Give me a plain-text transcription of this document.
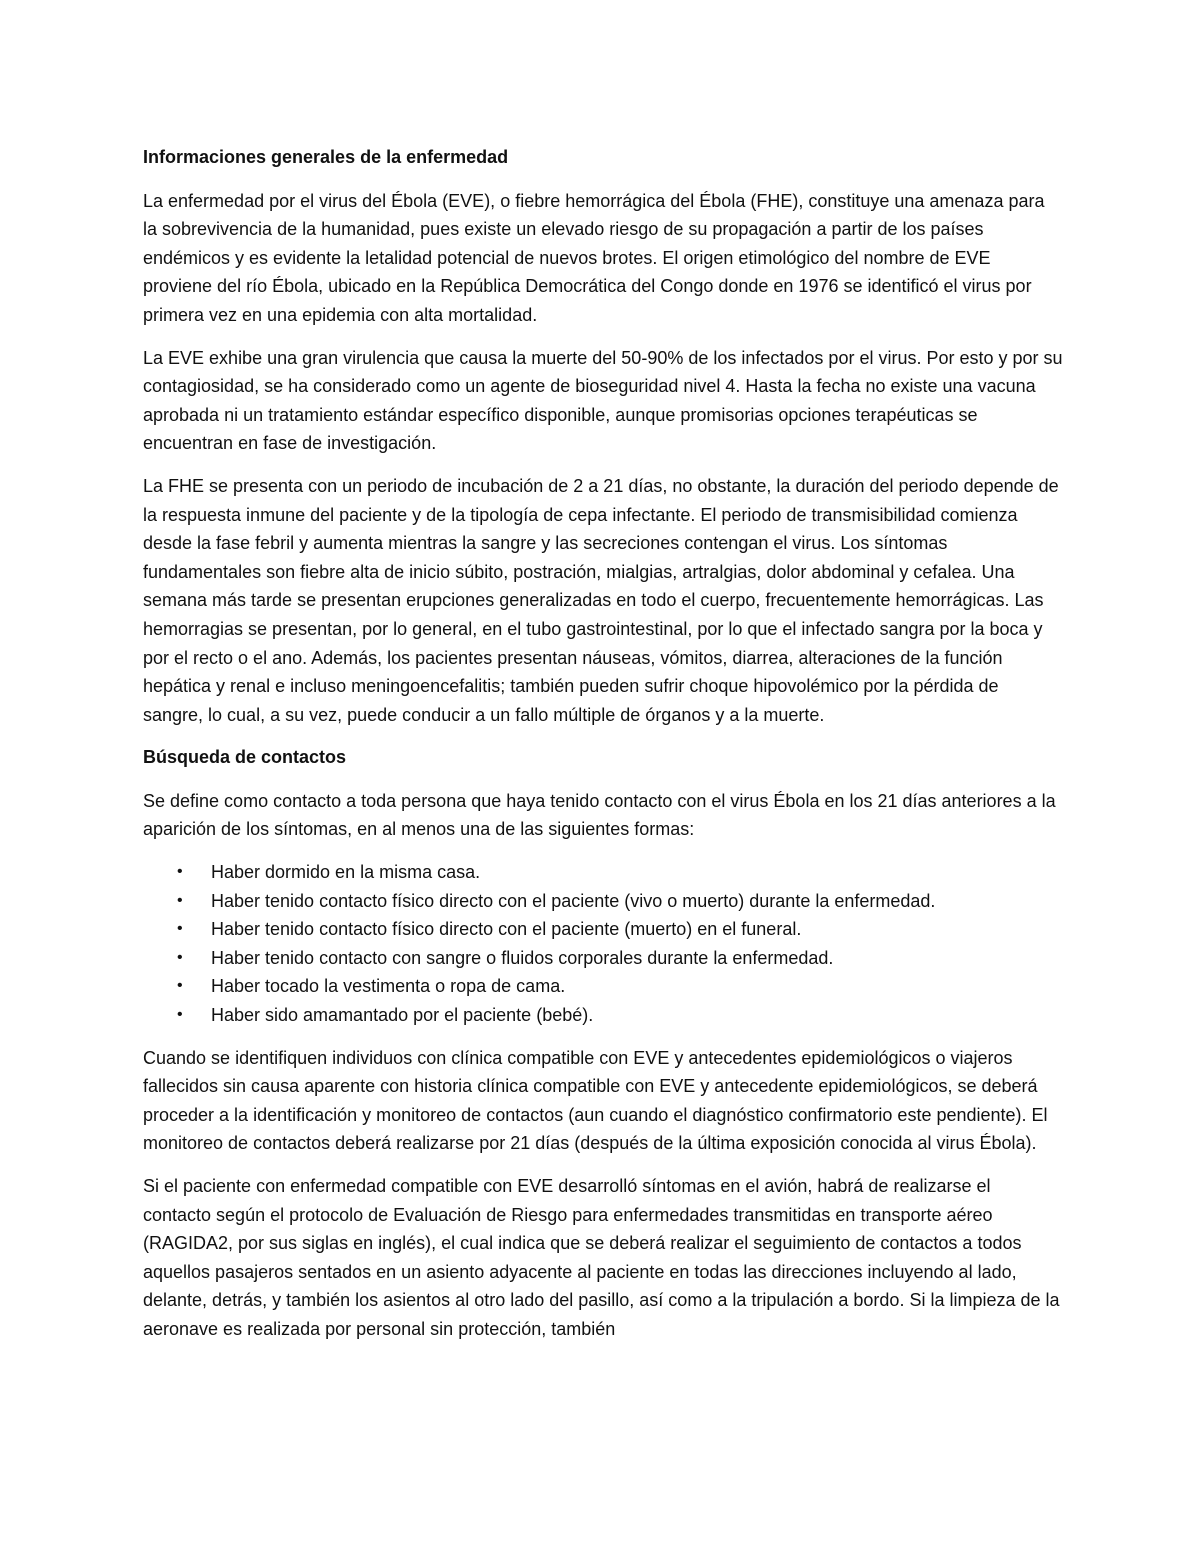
Informaciones generales de la enfermedad

La enfermedad por el virus del Ébola (EVE), o fiebre hemorrágica del Ébola (FHE), constituye una amenaza para la sobrevivencia de la humanidad, pues existe un elevado riesgo de su propagación a partir de los países endémicos y es evidente la letalidad potencial de nuevos brotes. El origen etimológico del nombre de EVE proviene del río Ébola, ubicado en la República Democrática del Congo donde en 1976 se identificó el virus por primera vez en una epidemia con alta mortalidad.

La EVE exhibe una gran virulencia que causa la muerte del 50-90% de los infectados por el virus. Por esto y por su contagiosidad, se ha considerado como un agente de bioseguridad nivel 4. Hasta la fecha no existe una vacuna aprobada ni un tratamiento estándar específico disponible, aunque promisorias opciones terapéuticas se encuentran en fase de investigación.

La FHE se presenta con un periodo de incubación de 2 a 21 días, no obstante, la duración del periodo depende de la respuesta inmune del paciente y de la tipología de cepa infectante. El periodo de transmisibilidad comienza desde la fase febril y aumenta mientras la sangre y las secreciones contengan el virus. Los síntomas fundamentales son fiebre alta de inicio súbito, postración, mialgias, artralgias, dolor abdominal y cefalea. Una semana más tarde se presentan erupciones generalizadas en todo el cuerpo, frecuentemente hemorrágicas. Las hemorragias se presentan, por lo general, en el tubo gastrointestinal, por lo que el infectado sangra por la boca y por el recto o el ano. Además, los pacientes presentan náuseas, vómitos, diarrea, alteraciones de la función hepática y renal e incluso meningoencefalitis; también pueden sufrir choque hipovolémico por la pérdida de sangre, lo cual, a su vez, puede conducir a un fallo múltiple de órganos y a la muerte.

Búsqueda de contactos

Se define como contacto a toda persona que haya tenido contacto con el virus Ébola en los 21 días anteriores a la aparición de los síntomas, en al menos una de las siguientes formas:

• Haber dormido en la misma casa.
• Haber tenido contacto físico directo con el paciente (vivo o muerto) durante la enfermedad.
• Haber tenido contacto físico directo con el paciente (muerto) en el funeral.
• Haber tenido contacto con sangre o fluidos corporales durante la enfermedad.
• Haber tocado la vestimenta o ropa de cama.
• Haber sido amamantado por el paciente (bebé).

Cuando se identifiquen individuos con clínica compatible con EVE y antecedentes epidemiológicos o viajeros fallecidos sin causa aparente con historia clínica compatible con EVE y antecedente epidemiológicos, se deberá proceder a la identificación y monitoreo de contactos (aun cuando el diagnóstico confirmatorio este pendiente). El monitoreo de contactos deberá realizarse por 21 días (después de la última exposición conocida al virus Ébola).

Si el paciente con enfermedad compatible con EVE desarrolló síntomas en el avión, habrá de realizarse el contacto según el protocolo de Evaluación de Riesgo para enfermedades transmitidas en transporte aéreo (RAGIDA2, por sus siglas en inglés), el cual indica que se deberá realizar el seguimiento de contactos a todos aquellos pasajeros sentados en un asiento adyacente al paciente en todas las direcciones incluyendo al lado, delante, detrás, y también los asientos al otro lado del pasillo, así como a la tripulación a bordo. Si la limpieza de la aeronave es realizada por personal sin protección, también
